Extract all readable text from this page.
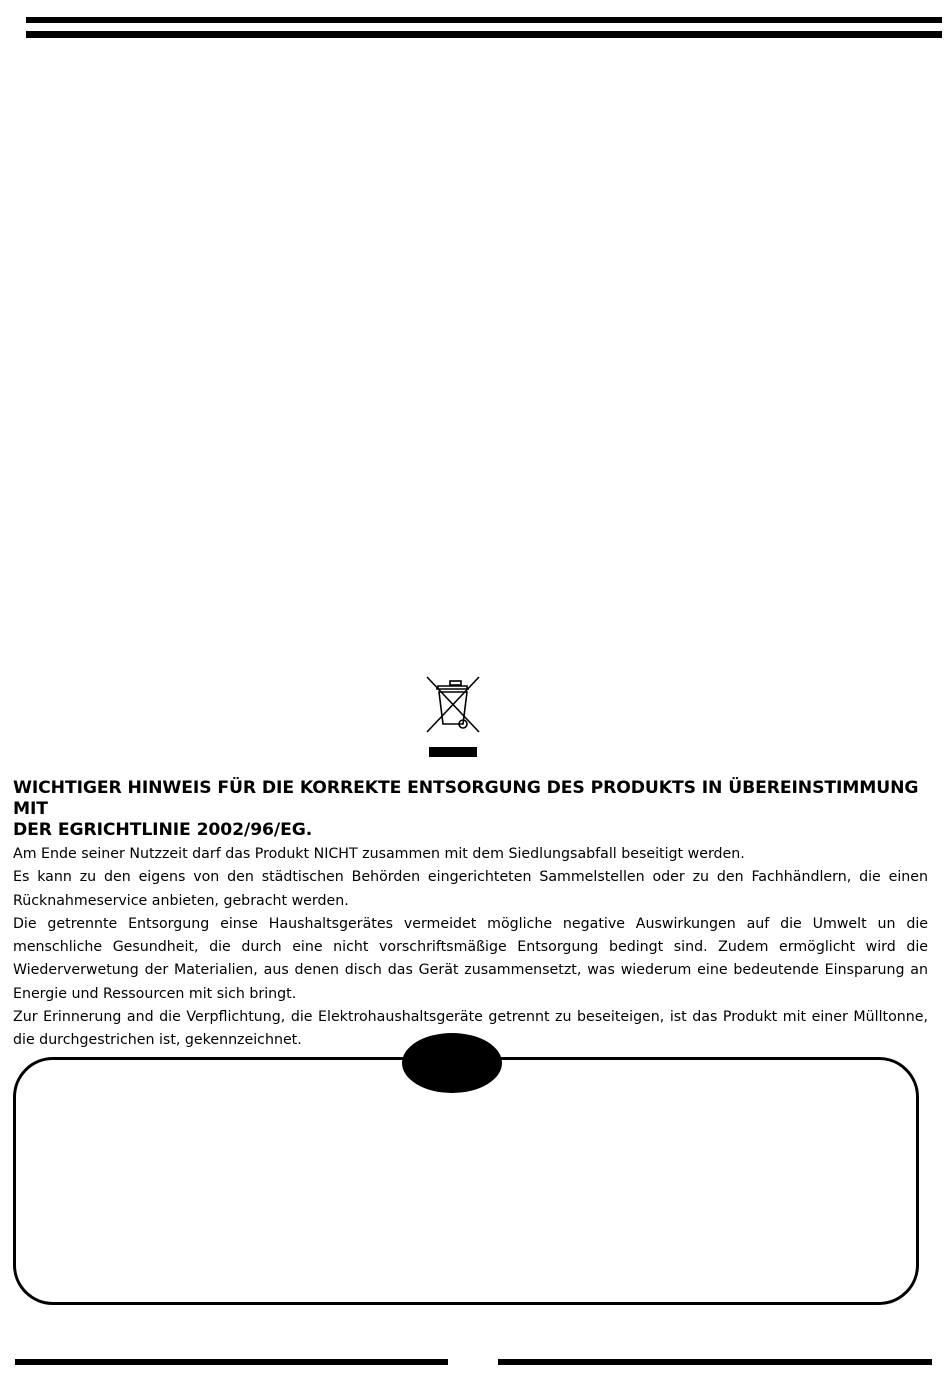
WICHTIGER HINWEIS FÜR DIE KORREKTE ENTSORGUNG DES PRODUKTS IN ÜBEREINSTIMMUNG MIT
DER EGRICHTLINIE 2002/96/EG.

Am Ende seiner Nutzzeit darf das Produkt NICHT zusammen mit dem Siedlungsabfall beseitigt werden.

Es kann zu den eigens von den städtischen Behörden eingerichteten Sammelstellen oder zu den Fachhändlern, die einen Rücknahmeservice anbieten, gebracht werden.

Die getrennte Entsorgung einse Haushaltsgerätes vermeidet mögliche negative Auswirkungen auf die Umwelt un die menschliche Gesundheit, die durch eine nicht vorschriftsmäßige Entsorgung bedingt sind. Zudem ermöglicht wird die Wiederverwetung der Materialien, aus denen disch das Gerät zusammensetzt, was wiederum eine bedeutende Einsparung an Energie und Ressourcen mit sich bringt.

Zur Erinnerung and die Verpflichtung, die Elektrohaushaltsgeräte getrennt zu beseiteigen, ist das Produkt mit einer Mülltonne, die durchgestrichen ist, gekennzeichnet.
